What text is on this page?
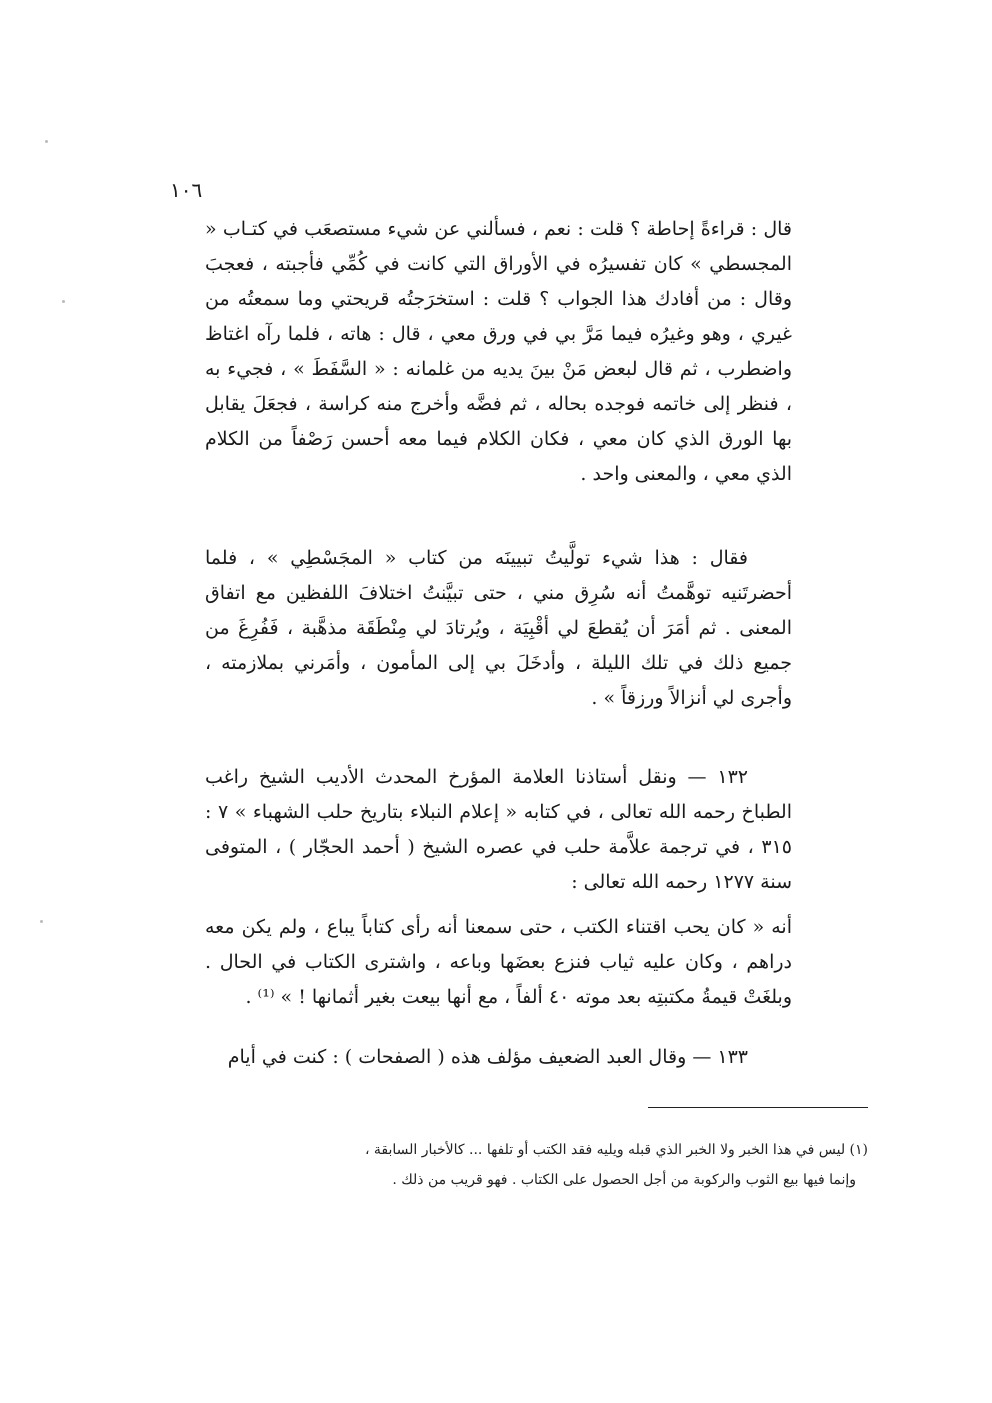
١٠٦

قال : قراءةً إحاطة ؟ قلت : نعم ، فسألني عن شيء مستصعَب في كتـاب « المجسطي » كان تفسيرُه في الأوراق التي كانت في كُمِّي فأجبته ، فعجبَ وقال : من أفادك هذا الجواب ؟ قلت : استخرَجتُه قريحتي وما سمعتُه من غيري ، وهو وغيرُه فيما مَرَّ بي في ورق معي ، قال : هاته ، فلما رآه اغتاظ واضطرب ، ثم قال لبعض مَنْ بينَ يديه من غلمانه : « السَّفَطَ » ، فجيء به ، فنظر إلى خاتمه فوجده بحاله ، ثم فضَّه وأخرج منه كراسة ، فجعَلَ يقابل بها الورق الذي كان معي ، فكان الكلام فيما معه أحسن رَصْفاً من الكلام الذي معي ، والمعنى واحد .

فقال : هذا شيء تولَّيتُ تبيينَه من كتاب « المجَسْطِي » ، فلما أحضرتَنيه توهَّمتُ أنه سُرِق مني ، حتى تبيَّنتُ اختلافَ اللفظين مع اتفاق المعنى . ثم أمَرَ أن يُقطعَ لي أقْبِيَة ، ويُرتادَ لي مِنْطَقَة مذهَّبة ، فَفُرِغَ من جميع ذلك في تلك الليلة ، وأدخَلَ بي إلى المأمون ، وأمَرني بملازمته ، وأجرى لي أنزالاً ورزقاً » .

١٣٢ — ونقل أستاذنا العلامة المؤرخ المحدث الأديب الشيخ راغب الطباخ رحمه الله تعالى ، في كتابه « إعلام النبلاء بتاريخ حلب الشهباء » ٧ : ٣١٥ ، في ترجمة علاَّمة حلب في عصره الشيخ ( أحمد الحجّار ) ، المتوفى سنة ١٢٧٧ رحمه الله تعالى :

أنه « كان يحب اقتناء الكتب ، حتى سمعنا أنه رأى كتاباً يباع ، ولم يكن معه دراهم ، وكان عليه ثياب فنزع بعضَها وباعه ، واشترى الكتاب في الحال . وبلغَتْ قيمةُ مكتبتِه بعد موته ٤٠ ألفاً ، مع أنها بيعت بغير أثمانها ! » ⁽¹⁾ .

١٣٣ — وقال العبد الضعيف مؤلف هذه ( الصفحات ) : كنت في أيام

(١) ليس في هذا الخبر ولا الخبر الذي قبله ويليه فقد الكتب أو تلفها ... كالأخبار السابقة ،

وإنما فيها بيع الثوب والركوبة من أجل الحصول على الكتاب . فهو قريب من ذلك .
